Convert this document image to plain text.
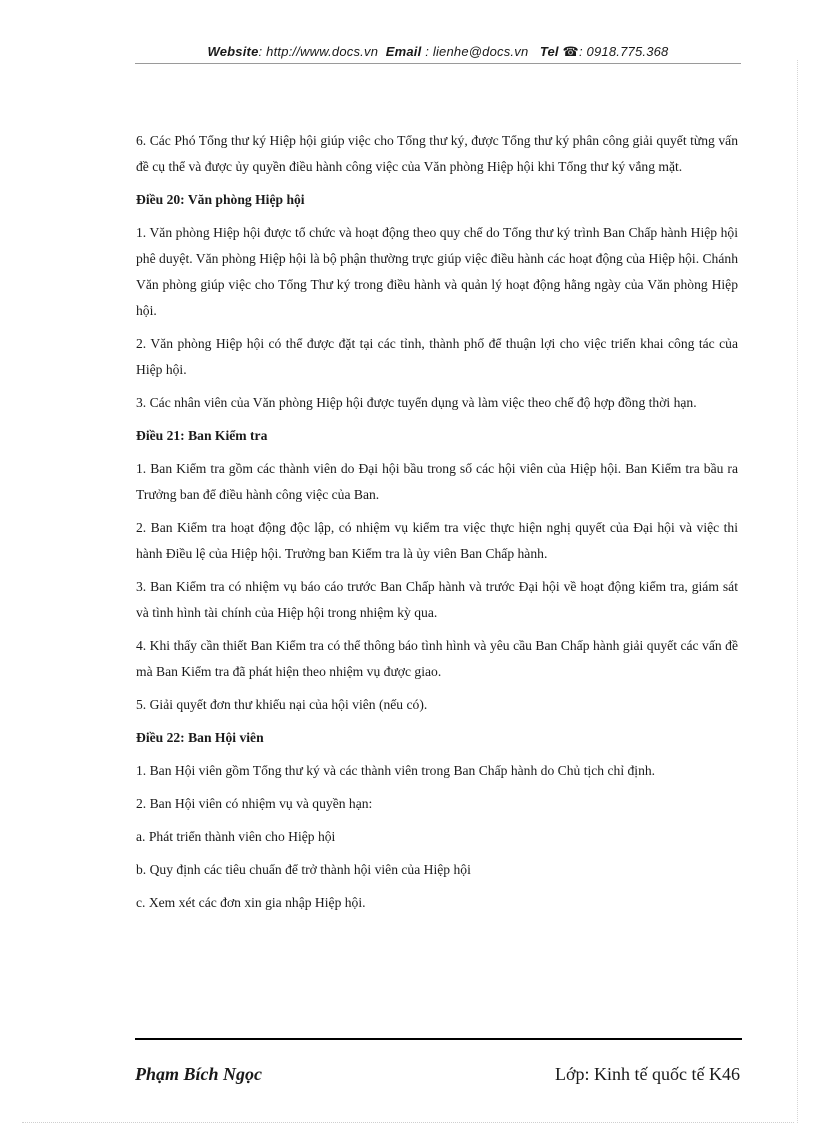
Website: http://www.docs.vn Email : lienhe@docs.vn Tel ☎: 0918.775.368

6. Các Phó Tổng thư ký Hiệp hội giúp việc cho Tổng thư ký, được Tổng thư ký phân công giải quyết từng vấn đề cụ thể và được ủy quyền điều hành công việc của Văn phòng Hiệp hội khi Tổng thư ký vắng mặt.

Điều 20: Văn phòng Hiệp hội

1. Văn phòng Hiệp hội được tổ chức và hoạt động theo quy chế do Tổng thư ký trình Ban Chấp hành Hiệp hội phê duyệt. Văn phòng Hiệp hội là bộ phận thường trực giúp việc điều hành các hoạt động của Hiệp hội. Chánh Văn phòng giúp việc cho Tổng Thư ký trong điều hành và quản lý hoạt động hằng ngày của Văn phòng Hiệp hội.

2. Văn phòng Hiệp hội có thể được đặt tại các tỉnh, thành phố để thuận lợi cho việc triển khai công tác của Hiệp hội.

3. Các nhân viên của Văn phòng Hiệp hội được tuyển dụng và làm việc theo chế độ hợp đồng thời hạn.

Điều 21: Ban Kiểm tra

1. Ban Kiểm tra gồm các thành viên do Đại hội bầu trong số các hội viên của Hiệp hội. Ban Kiểm tra bầu ra Trưởng ban để điều hành công việc của Ban.

2. Ban Kiểm tra hoạt động độc lập, có nhiệm vụ kiểm tra việc thực hiện nghị quyết của Đại hội và việc thi hành Điều lệ của Hiệp hội. Trưởng ban Kiểm tra là ủy viên Ban Chấp hành.

3. Ban Kiểm tra có nhiệm vụ báo cáo trước Ban Chấp hành và trước Đại hội về hoạt động kiểm tra, giám sát và tình hình tài chính của Hiệp hội trong nhiệm kỳ qua.

4. Khi thấy cần thiết Ban Kiểm tra có thể thông báo tình hình và yêu cầu Ban Chấp hành giải quyết các vấn đề mà Ban Kiểm tra đã phát hiện theo nhiệm vụ được giao.

5. Giải quyết đơn thư khiếu nại của hội viên (nếu có).

Điều 22: Ban Hội viên

1. Ban Hội viên gồm Tổng thư ký và các thành viên trong Ban Chấp hành do Chủ tịch chỉ định.

2. Ban Hội viên có nhiệm vụ và quyền hạn:

a. Phát triển thành viên cho Hiệp hội

b. Quy định các tiêu chuẩn để trở thành hội viên của Hiệp hội

c. Xem xét các đơn xin gia nhập Hiệp hội.

Phạm Bích Ngọc	Lớp: Kinh tế quốc tế K46
